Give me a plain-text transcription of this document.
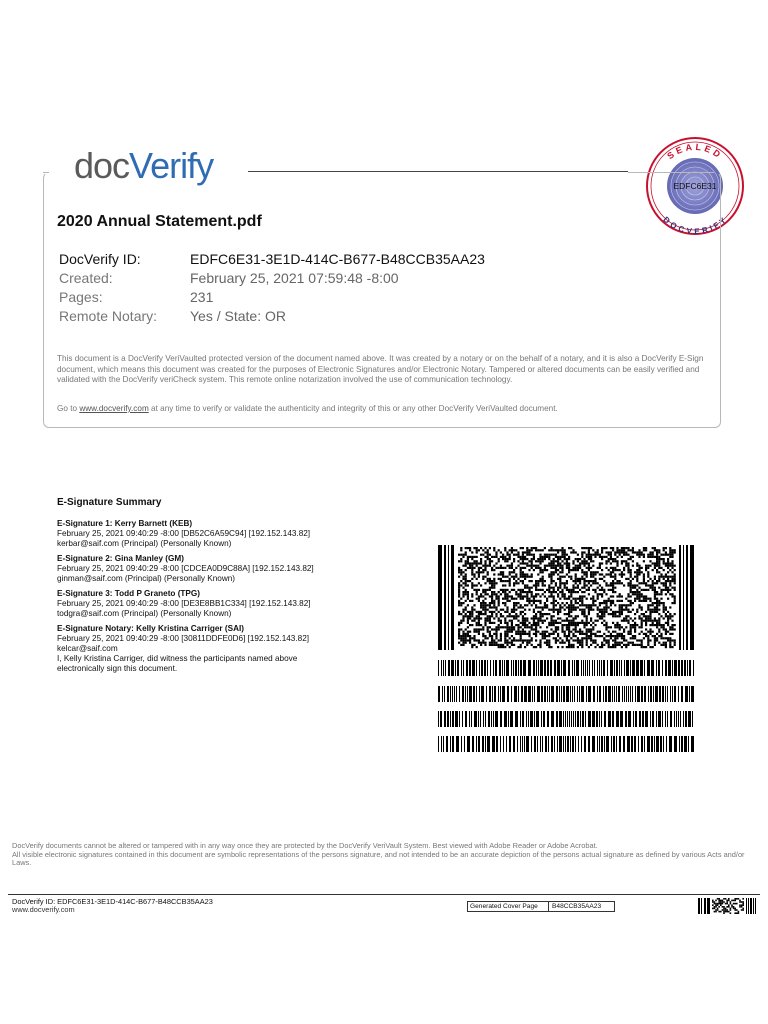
docVerify	SEALED
DOCVERIFY
EDFC6E31
2020 Annual Statement.pdf
DocVerify ID:	EDFC6E31-3E1D-414C-B677-B48CCB35AA23
Created:	February 25, 2021 07:59:48 -8:00
Pages:	231
Remote Notary:	Yes / State: OR
This document is a DocVerify VeriVaulted protected version of the document named above. It was created by a notary or on the behalf of a notary, and it is also a DocVerify E-Sign document, which means this document was created for the purposes of Electronic Signatures and/or Electronic Notary. Tampered or altered documents can be easily verified and validated with the DocVerify veriCheck system. This remote online notarization involved the use of communication technology.
Go to www.docverify.com at any time to verify or validate the authenticity and integrity of this or any other DocVerify VeriVaulted document.
E-Signature Summary
E-Signature 1: Kerry Barnett (KEB)
February 25, 2021 09:40:29 -8:00 [DB52C6A59C94] [192.152.143.82]
kerbar@saif.com (Principal) (Personally Known)
E-Signature 2: Gina Manley (GM)
February 25, 2021 09:40:29 -8:00 [CDCEA0D9C88A] [192.152.143.82]
ginman@saif.com (Principal) (Personally Known)
E-Signature 3: Todd P Graneto (TPG)
February 25, 2021 09:40:29 -8:00 [DE3E8BB1C334] [192.152.143.82]
todgra@saif.com (Principal) (Personally Known)
E-Signature Notary: Kelly Kristina Carriger (SAI)
February 25, 2021 09:40:29 -8:00 [30811DDFE0D6] [192.152.143.82]
kelcar@saif.com
I, Kelly Kristina Carriger, did witness the participants named above
electronically sign this document.
DocVerify documents cannot be altered or tampered with in any way once they are protected by the DocVerify VeriVault System. Best viewed with Adobe Reader or Adobe Acrobat.
All visible electronic signatures contained in this document are symbolic representations of the persons signature, and not intended to be an accurate depiction of the persons actual signature as defined by various Acts and/or Laws.
DocVerify ID: EDFC6E31-3E1D-414C-B677-B48CCB35AA23
www.docverify.com	Generated Cover Page B48CCB35AA23
